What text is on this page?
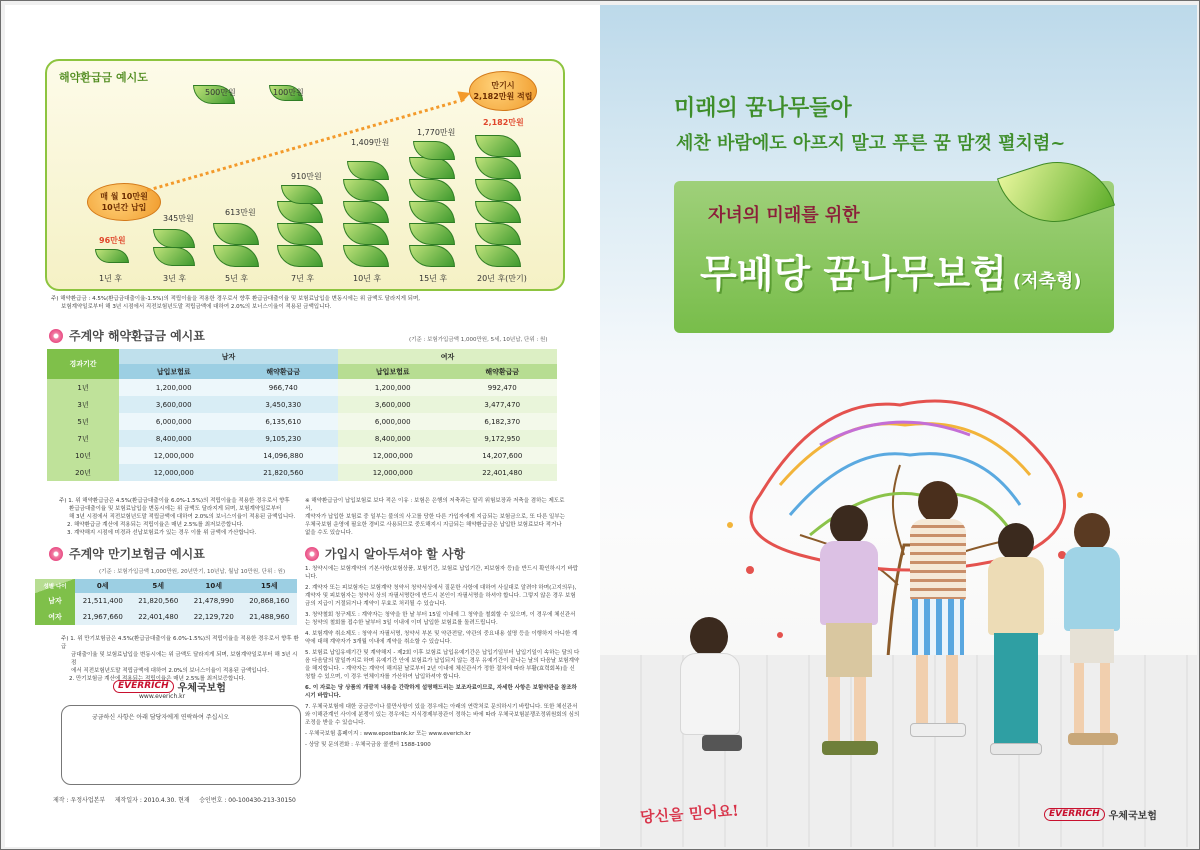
해약환급금 예시도
매 월 10만원
10년간 납입
만기시
2,182만원 적립
500만원	100만원
96만원
1년 후
345만원
3년 후
613만원
5년 후
910만원
7년 후
1,409만원
10년 후
1,770만원
15년 후
2,182만원
20년 후(만기)
주) 해약환급금 : 4.5%(환급금대출이율-1.5%)의 적립이율을 적용한 경우로서 향후 환급금대출이율 및 보험료납입을 변동시에는 위 금액도 달라지게 되며,
보험계약일로부터 해 3년 시점에서 직전보험년도말 적립금액에 대하여 2.0%의 보너스이율이 적용된 금액입니다.
주계약 해약환급금 예시표	(기준 : 보험가입금액 1,000만원, 5세, 10년납, 단위 : 원)
경과기간	남자		여자	
	납입보험료	해약환급금	납입보험료	해약환급금
1년	1,200,000	966,740	1,200,000	992,470
3년	3,600,000	3,450,330	3,600,000	3,477,470
5년	6,000,000	6,135,610	6,000,000	6,182,370
7년	8,400,000	9,105,230	8,400,000	9,172,950
10년	12,000,000	14,096,880	12,000,000	14,207,600
20년	12,000,000	21,820,560	12,000,000	22,401,480
주) 1. 위 해약환급금은 4.5%(환급금대출이율 6.0%-1.5%)의 적립이율을 적용한 경우로서 향후
환급금대출이율 및 보험료납입을 변동시에는 위 금액도 달라지게 되며, 보험계약일로부터
해 3년 시점에서 직전보험년도말 적립금액에 대하여 2.0%의 보너스이율이 적용된 금액입니다.
2. 해약환급금 계산에 적용되는 적립이율은 매년 2.5%를 최저보증합니다.
3. 계약해지 시점에 미경과 선납보험료가 있는 경우 이를 위 금액에 가산합니다.
※ 해약환급금이 납입보험료 보다 적은 이유 : 보험은 은행의 저축과는 달리 위험보장과 저축을 겸하는 제도로서,
계약자가 납입한 보험료 중 일부는 불의의 사고를 당한 다른 가입자에게 지급되는 보험금으로, 또 다른 일부는
우체국보험 운영에 필요한 경비로 사용되므로 중도해지시 지급되는 해약환급금은 납입한 보험료보다 적거나
없을 수도 있습니다.
주계약 만기보험금 예시표
(기준 : 보험가입금액 1,000만원, 20년만기, 10년납, 월납 10만원, 단위 : 원)
성별 나이	0세	5세	10세	15세
남자	21,511,400	21,820,560	21,478,990	20,868,160
여자	21,967,660	22,401,480	22,129,720	21,488,960
주) 1. 위 만기보험금은 4.5%(환급금대출이율 6.0%-1.5%)의 적립이율을 적용한 경우로서 향후 환급
금대출이율 및 보험료납입을 변동시에는 위 금액도 달라지게 되며, 보험계약일로부터 해 3년 시점
에서 직전보험년도말 적립금액에 대하여 2.0%의 보너스이율이 적용된 금액입니다.
2. 만기보험금 계산에 적용되는 적립이율은 매년 2.5%를 최저보증합니다.
EVERRICH 우체국보험
www.everich.kr
궁금하신 사항은 아래 담당자에게 연락하여 주십시오
제작 : 우정사업본부     제작일자 : 2010.4.30. 현재     승인번호 : 00-100430-213-30150
가입시 알아두셔야 할 사항

1. 청약시에는 보험계약의 기본사항(보험상품, 보험기간, 보험료 납입기간, 피보험자 등)을 반드시 확인하시기 바랍니다.

2. 계약자 또는 피보험자는 보험계약 청약서 청약서상에서 질문한 사항에 대하여 사실대로 알려야 하며(고지의무), 계약자 및 피보험자는 청약서 상의 자필서명란에 반드시 본인이 자필서명을 하셔야 합니다. 그렇지 않은 경우 보험금의 지급이 거절되거나 계약이 무효로 처리될 수 있습니다.

3. 청약철회 청구제도 : 계약자는 청약을 한 날 부터 15일 이내에 그 청약을 철회할 수 있으며, 이 경우에 체신관서는 청약의 철회를 접수한 날부터 3일 이내에 이미 납입한 보험료를 돌려드립니다.

4. 보험계약 취소제도 : 청약서 자필서명, 청약서 부본 및 약관전달, 약관의 중요내용 설명 등을 이행하지 아니한 계약에 대해 계약자가 3개월 이내에 계약을 취소할 수 있습니다.

5. 보험료 납입유예기간 및 계약해지 - 제2회 이후 보험료 납입유예기간은 납입기일부터 납입기일이 속하는 달의 다음 다음달의 말일까지로 하며 유예기간 안에 보험료가 납입되지 않는 경우 유예기간이 끝나는 날의 다음날 보험계약을 해지합니다. - 계약자는 계약이 해지된 날로부터 2년 이내에 체신관서가 정한 절차에 따라 부활(효력회복)을 신청할 수 있으며, 이 경우 연체이자를 가산하여 납입하셔야 합니다.

6. 이 자료는 당 상품의 개괄적 내용을 간략하게 설명해드리는 보조자료이므로, 자세한 사항은 보험약관을 참조하시기 바랍니다.

7. 우체국보험에 대한 궁금증이나 불만사항이 있을 경우에는 아래의 연락처로 문의하시기 바랍니다. 또한 체신관서와 이해관계인 사이에 분쟁이 있는 경우에는 지식경제부장관이 정하는 바에 따라 우체국보험분쟁조정위원회의 심의조정을 받을 수 있습니다.

- 우체국보험 홈페이지 : www.epostbank.kr 또는 www.everich.kr

- 상담 및 문의전화 : 우체국금융 콜센터 1588-1900

미래의 꿈나무들아
세찬 바람에도 아프지 말고 푸른 꿈 맘껏 펼치렴~
자녀의 미래를 위한
무배당 꿈나무보험 (저축형)
당신을 믿어요!	EVERRICH 우체국보험
